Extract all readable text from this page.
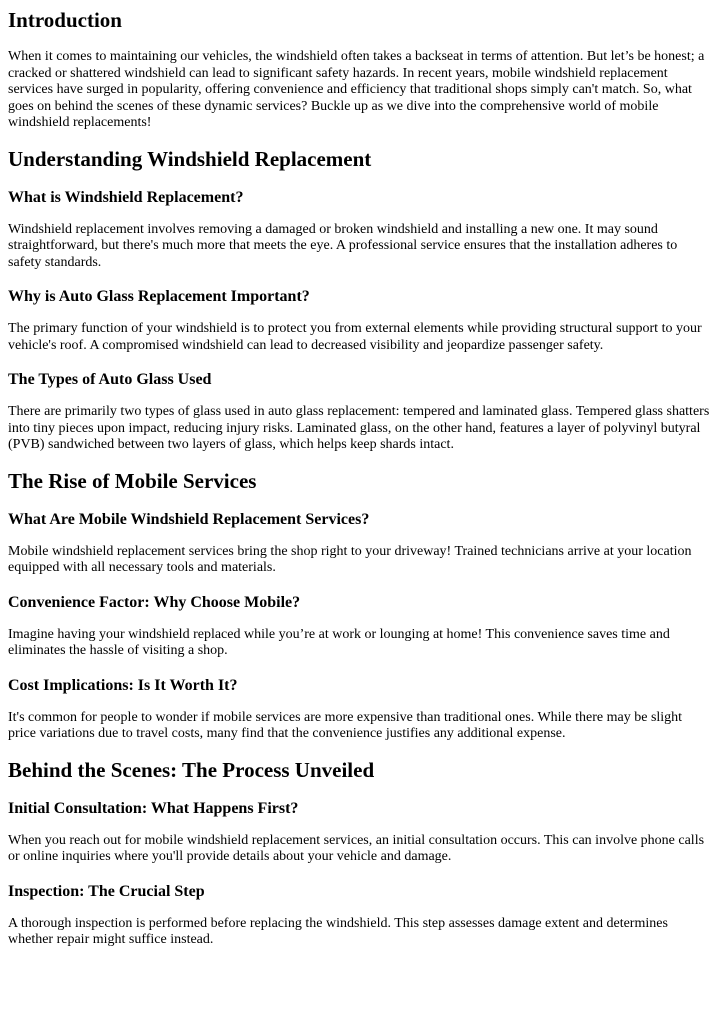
Introduction

When it comes to maintaining our vehicles, the windshield often takes a backseat in terms of attention. But let’s be honest; a cracked or shattered windshield can lead to significant safety hazards. In recent years, mobile windshield replacement services have surged in popularity, offering convenience and efficiency that traditional shops simply can't match. So, what goes on behind the scenes of these dynamic services? Buckle up as we dive into the comprehensive world of mobile windshield replacements!

Understanding Windshield Replacement
What is Windshield Replacement?

Windshield replacement involves removing a damaged or broken windshield and installing a new one. It may sound straightforward, but there's much more that meets the eye. A professional service ensures that the installation adheres to safety standards.

Why is Auto Glass Replacement Important?

The primary function of your windshield is to protect you from external elements while providing structural support to your vehicle's roof. A compromised windshield can lead to decreased visibility and jeopardize passenger safety.

The Types of Auto Glass Used

There are primarily two types of glass used in auto glass replacement: tempered and laminated glass. Tempered glass shatters into tiny pieces upon impact, reducing injury risks. Laminated glass, on the other hand, features a layer of polyvinyl butyral (PVB) sandwiched between two layers of glass, which helps keep shards intact.

The Rise of Mobile Services
What Are Mobile Windshield Replacement Services?

Mobile windshield replacement services bring the shop right to your driveway! Trained technicians arrive at your location equipped with all necessary tools and materials.

Convenience Factor: Why Choose Mobile?

Imagine having your windshield replaced while you’re at work or lounging at home! This convenience saves time and eliminates the hassle of visiting a shop.

Cost Implications: Is It Worth It?

It's common for people to wonder if mobile services are more expensive than traditional ones. While there may be slight price variations due to travel costs, many find that the convenience justifies any additional expense.

Behind the Scenes: The Process Unveiled
Initial Consultation: What Happens First?

When you reach out for mobile windshield replacement services, an initial consultation occurs. This can involve phone calls or online inquiries where you'll provide details about your vehicle and damage.

Inspection: The Crucial Step

A thorough inspection is performed before replacing the windshield. This step assesses damage extent and determines whether repair might suffice instead.
